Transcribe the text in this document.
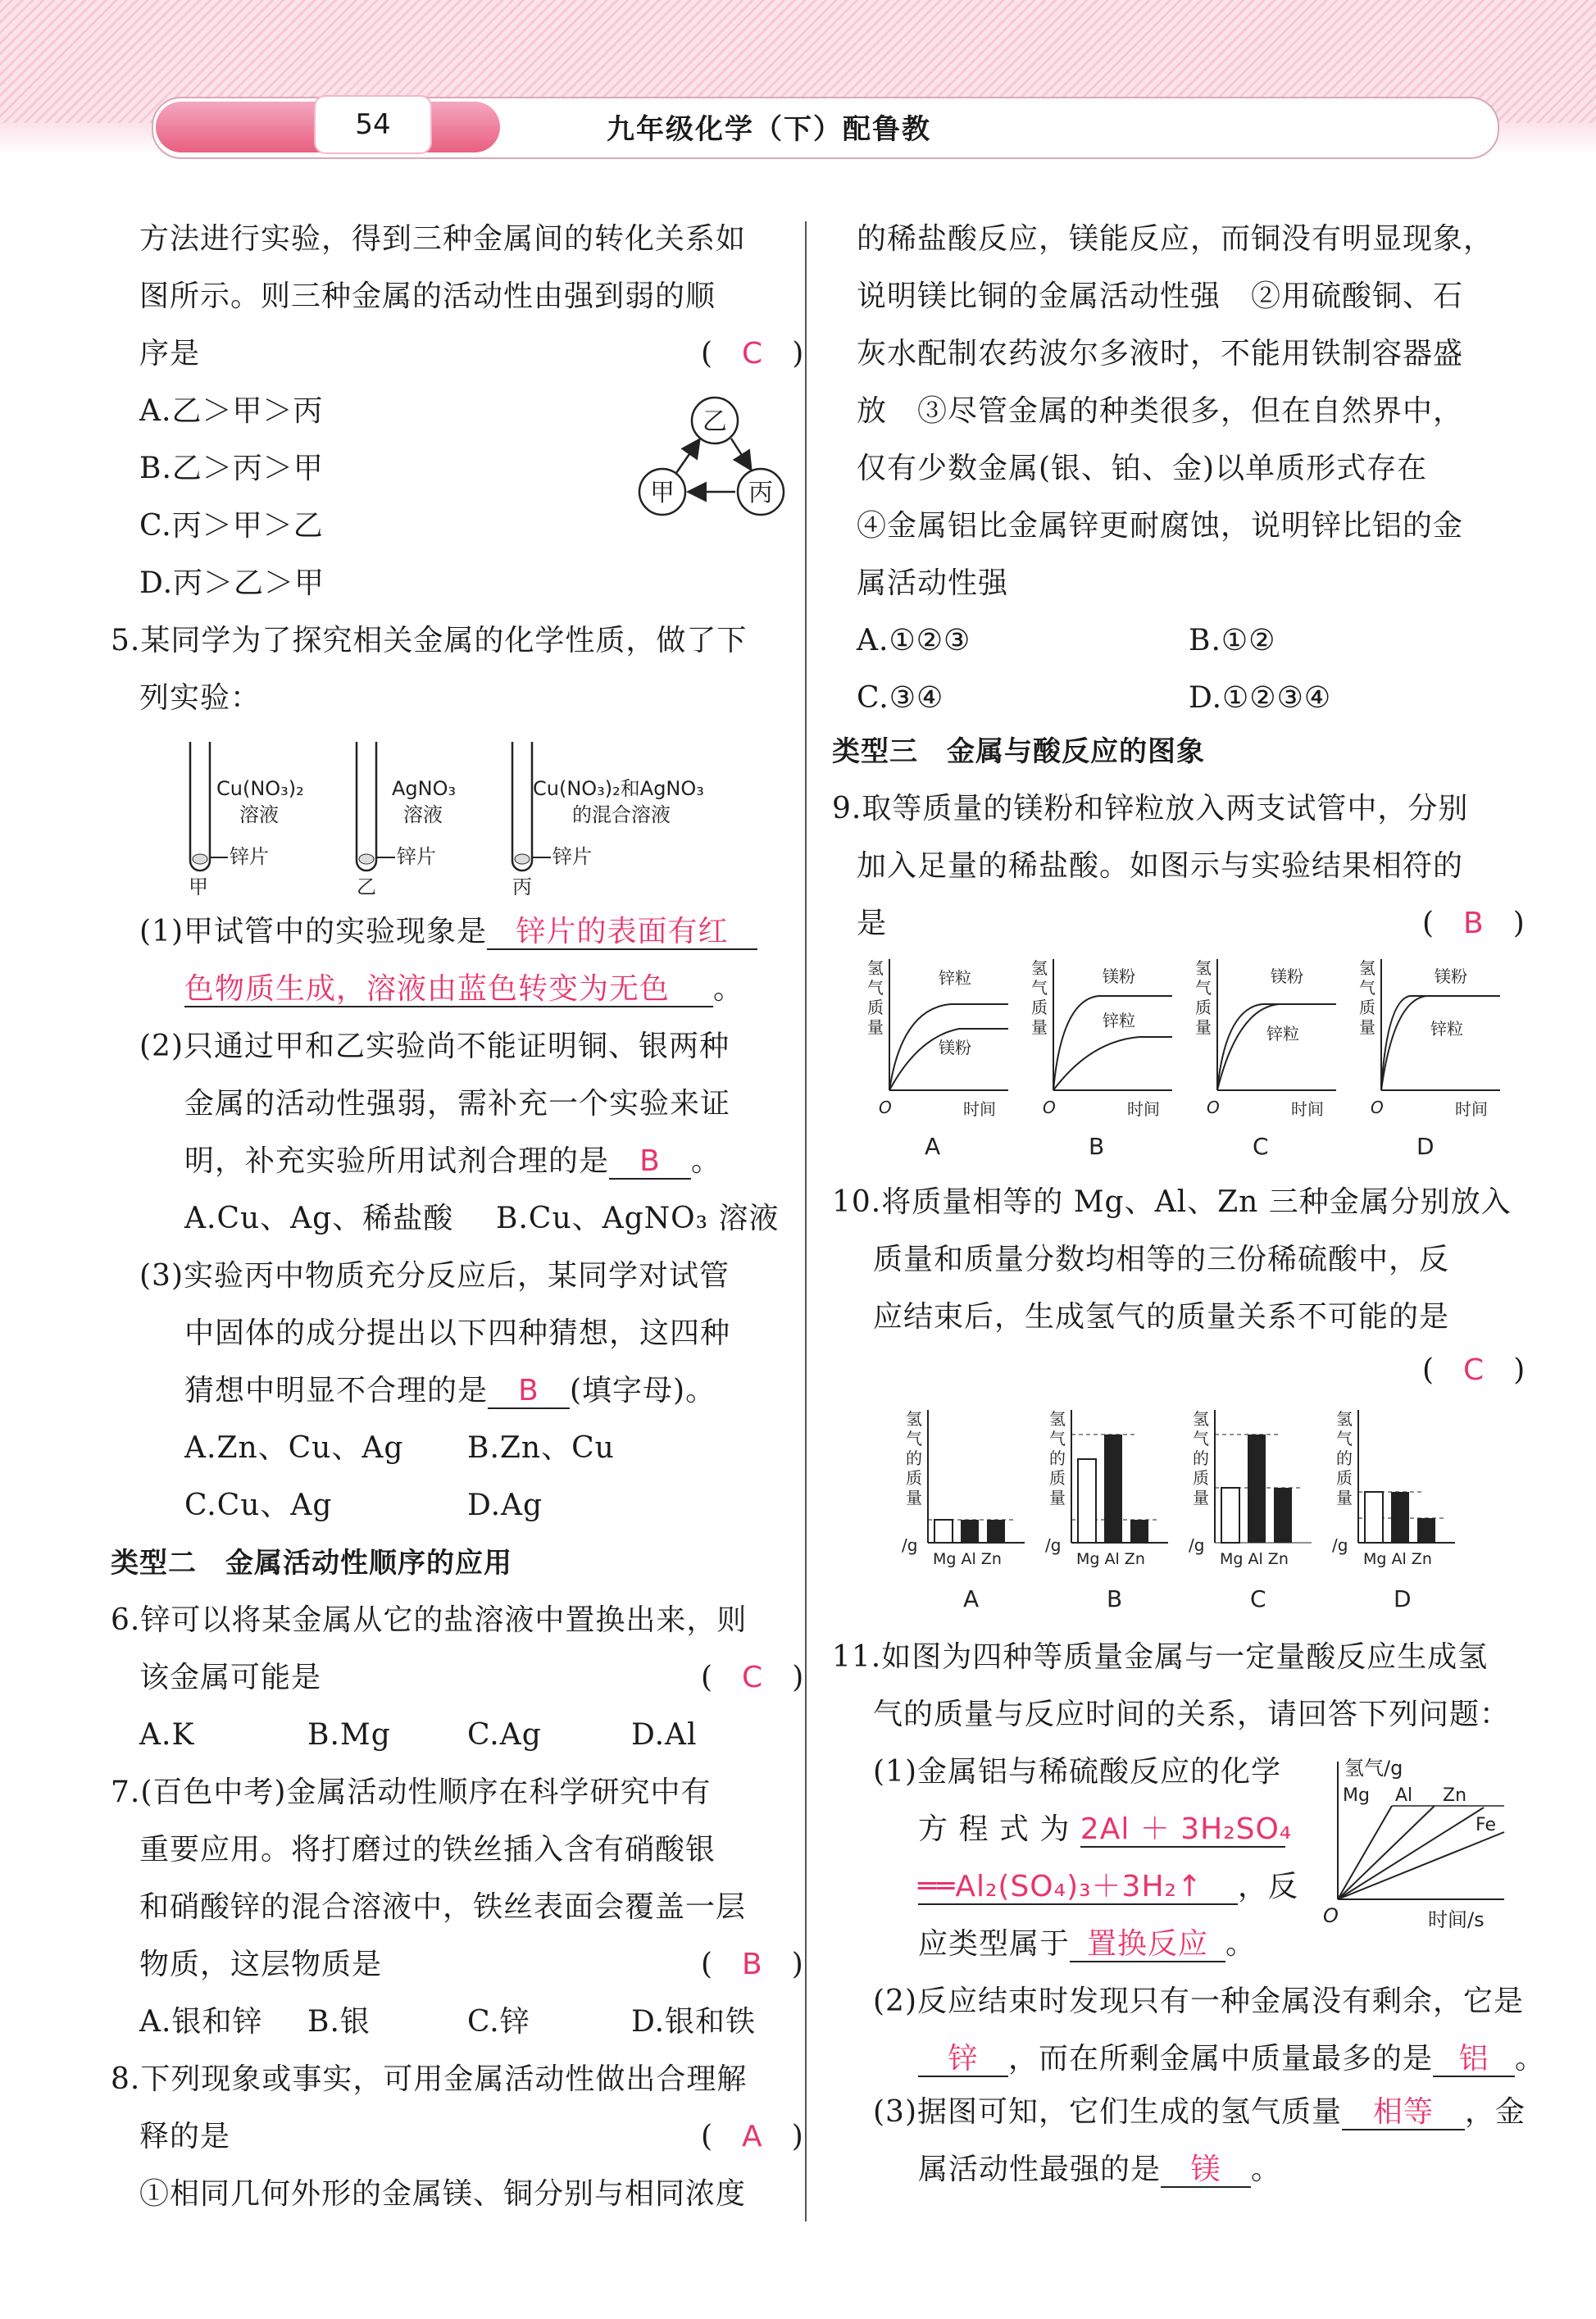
54	九年级化学（下）配鲁教
方法进行实验，得到三种金属间的转化关系如
图所示。则三种金属的活动性由强到弱的顺
序是	(　C　)
A.乙＞甲＞丙
B.乙＞丙＞甲
C.丙＞甲＞乙
D.丙＞乙＞甲
乙
甲	丙
5.某同学为了探究相关金属的化学性质，做了下
列实验：
Cu(NO₃)₂
溶液
锌片
甲
AgNO₃
溶液
锌片
乙
Cu(NO₃)₂和AgNO₃
的混合溶液
锌片
丙
(1)甲试管中的实验现象是 锌片的表面有红
色物质生成，溶液由蓝色转变为无色 。
(2)只通过甲和乙实验尚不能证明铜、银两种
金属的活动性强弱，需补充一个实验来证
明，补充实验所用试剂合理的是 B 。
A.Cu、Ag、稀盐酸 B.Cu、AgNO₃ 溶液
(3)实验丙中物质充分反应后，某同学对试管
中固体的成分提出以下四种猜想，这四种
猜想中明显不合理的是 B (填字母)。
A.Zn、Cu、Ag B.Zn、Cu
C.Cu、Ag	D.Ag
类型二　金属活动性顺序的应用
6.锌可以将某金属从它的盐溶液中置换出来，则
该金属可能是	(　C　)
A.K	B.Mg	C.Ag	D.Al
7.(百色中考)金属活动性顺序在科学研究中有
重要应用。将打磨过的铁丝插入含有硝酸银
和硝酸锌的混合溶液中，铁丝表面会覆盖一层
物质，这层物质是	(　B　)
A.银和锌 B.银	C.锌	D.银和铁
8.下列现象或事实，可用金属活动性做出合理解
释的是	(　A　)
①相同几何外形的金属镁、铜分别与相同浓度
的稀盐酸反应，镁能反应，而铜没有明显现象，
说明镁比铜的金属活动性强　②用硫酸铜、石
灰水配制农药波尔多液时，不能用铁制容器盛
放　③尽管金属的种类很多，但在自然界中，
仅有少数金属(银、铂、金)以单质形式存在
④金属铝比金属锌更耐腐蚀，说明锌比铝的金
属活动性强
A.①②③	B.①②
C.③④	D.①②③④
类型三　金属与酸反应的图象
9.取等质量的镁粉和锌粒放入两支试管中，分别
加入足量的稀盐酸。如图示与实验结果相符的
是	(　B　)
氢
气
质
量
锌粒
镁粉
O	时间
A
氢
气
质
量
镁粉
锌粒
O	时间
B
氢
气
质
量
镁粉
锌粒
O	时间
C
氢
气
质
量
镁粉
锌粒
O	时间
D
10.将质量相等的 Mg、Al、Zn 三种金属分别放入
质量和质量分数均相等的三份稀硫酸中，反
应结束后，生成氢气的质量关系不可能的是
(　C　)
氢
气
的
质
量
/g
Mg Al Zn
A
氢
气
的
质
量
/g
Mg Al Zn
B
氢
气
的
质
量
/g
Mg Al Zn
C
氢
气
的
质
量
/g
Mg Al Zn
D
11.如图为四种等质量金属与一定量酸反应生成氢
气的质量与反应时间的关系，请回答下列问题：
(1)金属铝与稀硫酸反应的化学
方 程 式 为 2Al ＋ 3H₂SO₄
══Al₂(SO₄)₃＋3H₂↑ ，反
应类型属于 置换反应 。
氢气/g
Mg Al Zn
Fe
O	时间/s
(2)反应结束时发现只有一种金属没有剩余，它是
锌 ，而在所剩金属中质量最多的是 铝 。
(3)据图可知，它们生成的氢气质量 相等 ，金
属活动性最强的是 镁 。
